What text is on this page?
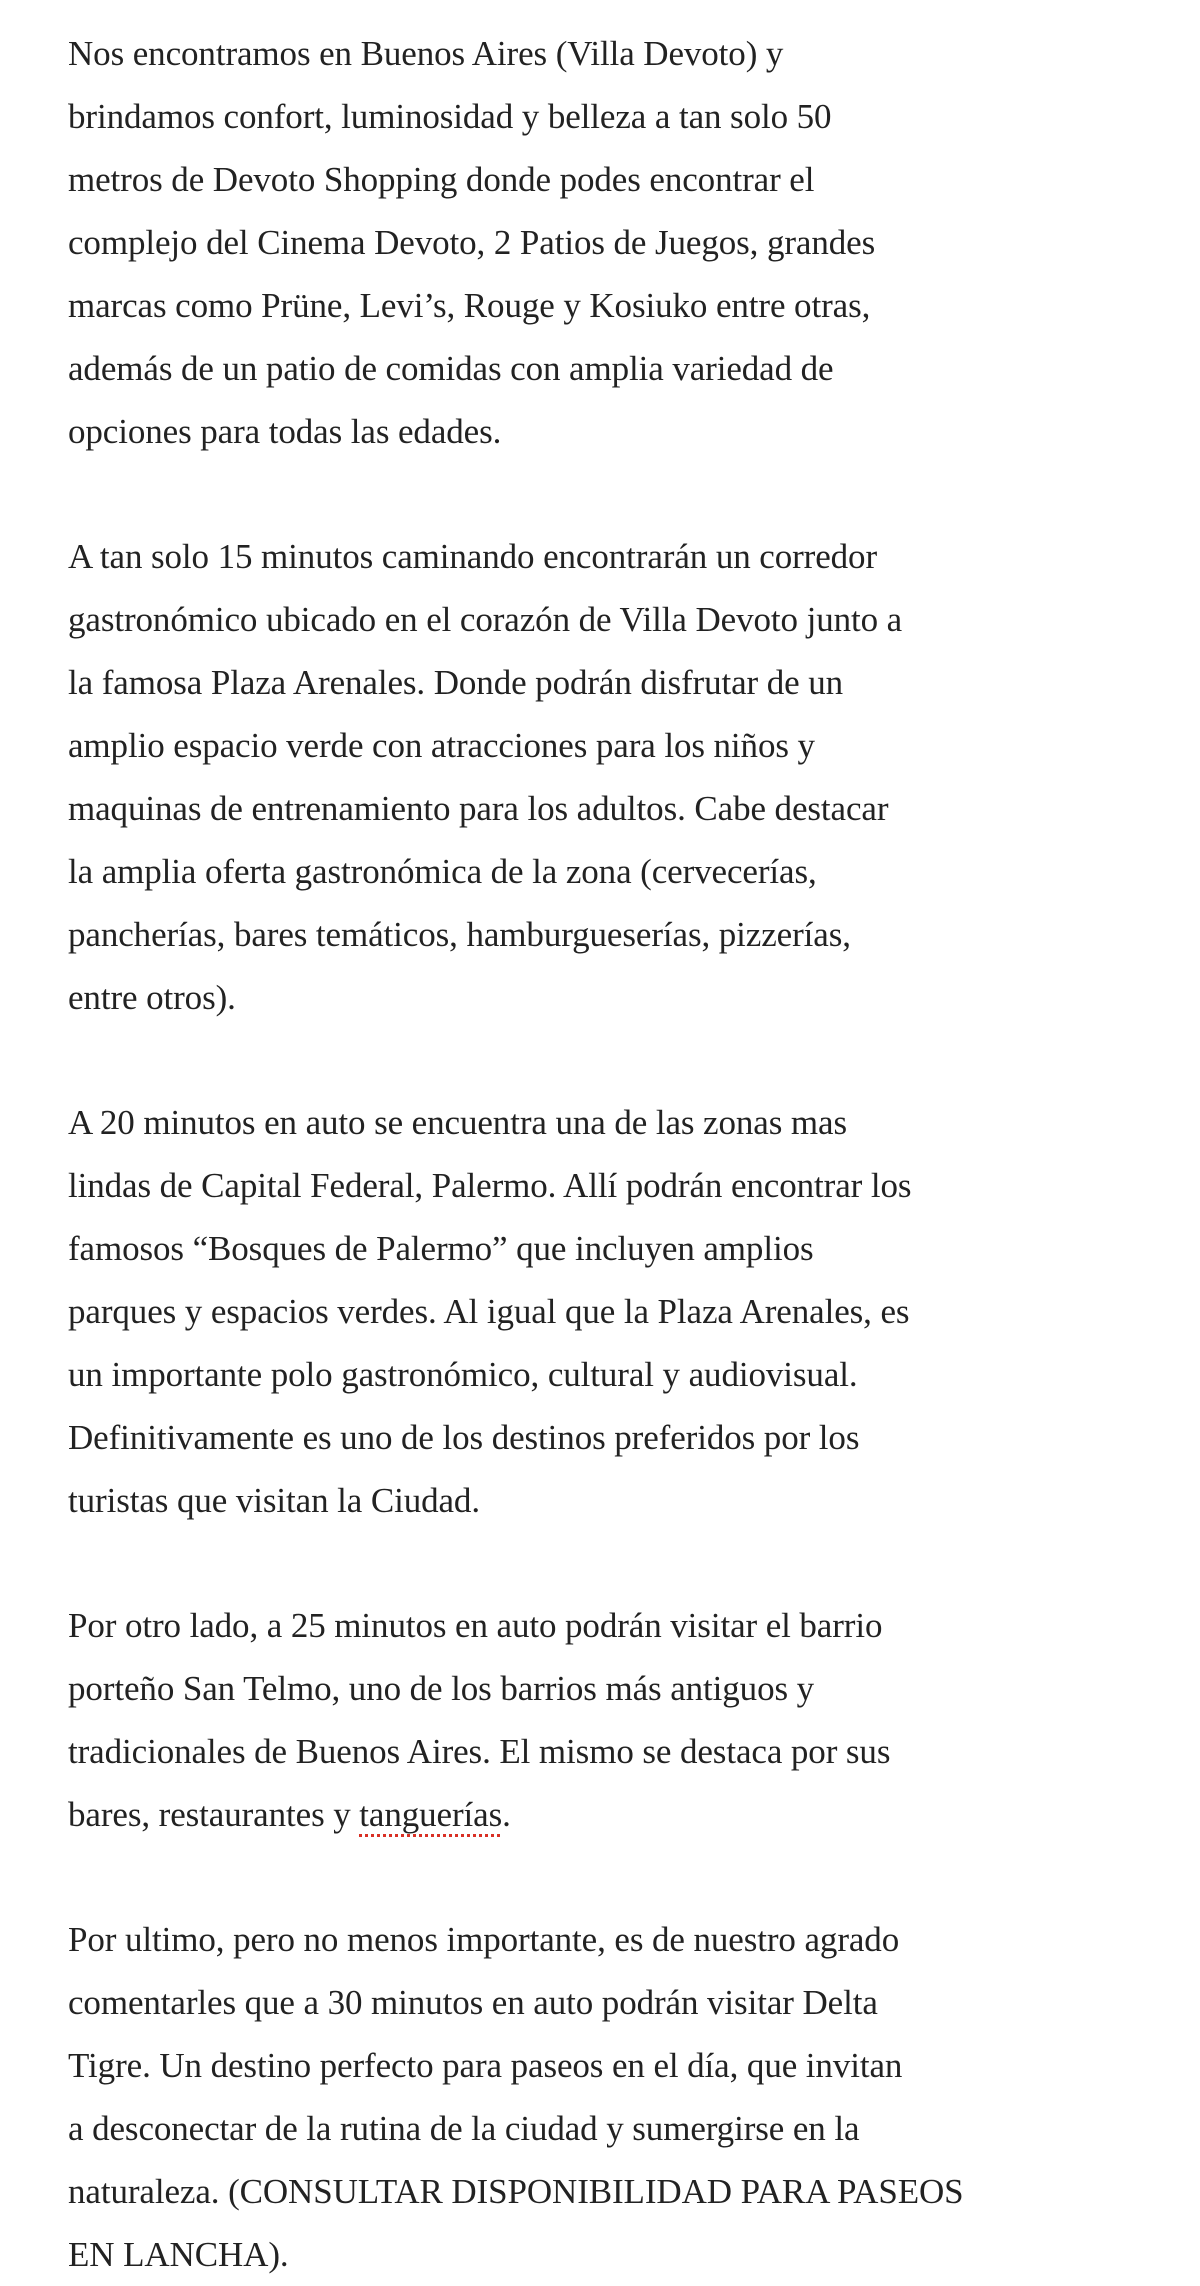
Nos encontramos en Buenos Aires (Villa Devoto) y
brindamos confort, luminosidad y belleza a tan solo 50
metros de Devoto Shopping donde podes encontrar el
complejo del Cinema Devoto, 2 Patios de Juegos, grandes
marcas como Prüne, Levi’s, Rouge y Kosiuko entre otras,
además de un patio de comidas con amplia variedad de
opciones para todas las edades.

A tan solo 15 minutos caminando encontrarán un corredor
gastronómico ubicado en el corazón de Villa Devoto junto a
la famosa Plaza Arenales. Donde podrán disfrutar de un
amplio espacio verde con atracciones para los niños y
maquinas de entrenamiento para los adultos. Cabe destacar
la amplia oferta gastronómica de la zona (cervecerías,
pancherías, bares temáticos, hamburgueserías, pizzerías,
entre otros).

A 20 minutos en auto se encuentra una de las zonas mas
lindas de Capital Federal, Palermo. Allí podrán encontrar los
famosos “Bosques de Palermo” que incluyen amplios
parques y espacios verdes. Al igual que la Plaza Arenales, es
un importante polo gastronómico, cultural y audiovisual.
Definitivamente es uno de los destinos preferidos por los
turistas que visitan la Ciudad.

Por otro lado, a 25 minutos en auto podrán visitar el barrio
porteño San Telmo, uno de los barrios más antiguos y
tradicionales de Buenos Aires. El mismo se destaca por sus
bares, restaurantes y tanguerías.

Por ultimo, pero no menos importante, es de nuestro agrado
comentarles que a 30 minutos en auto podrán visitar Delta
Tigre. Un destino perfecto para paseos en el día, que invitan
a desconectar de la rutina de la ciudad y sumergirse en la
naturaleza. (CONSULTAR DISPONIBILIDAD PARA PASEOS
EN LANCHA).
